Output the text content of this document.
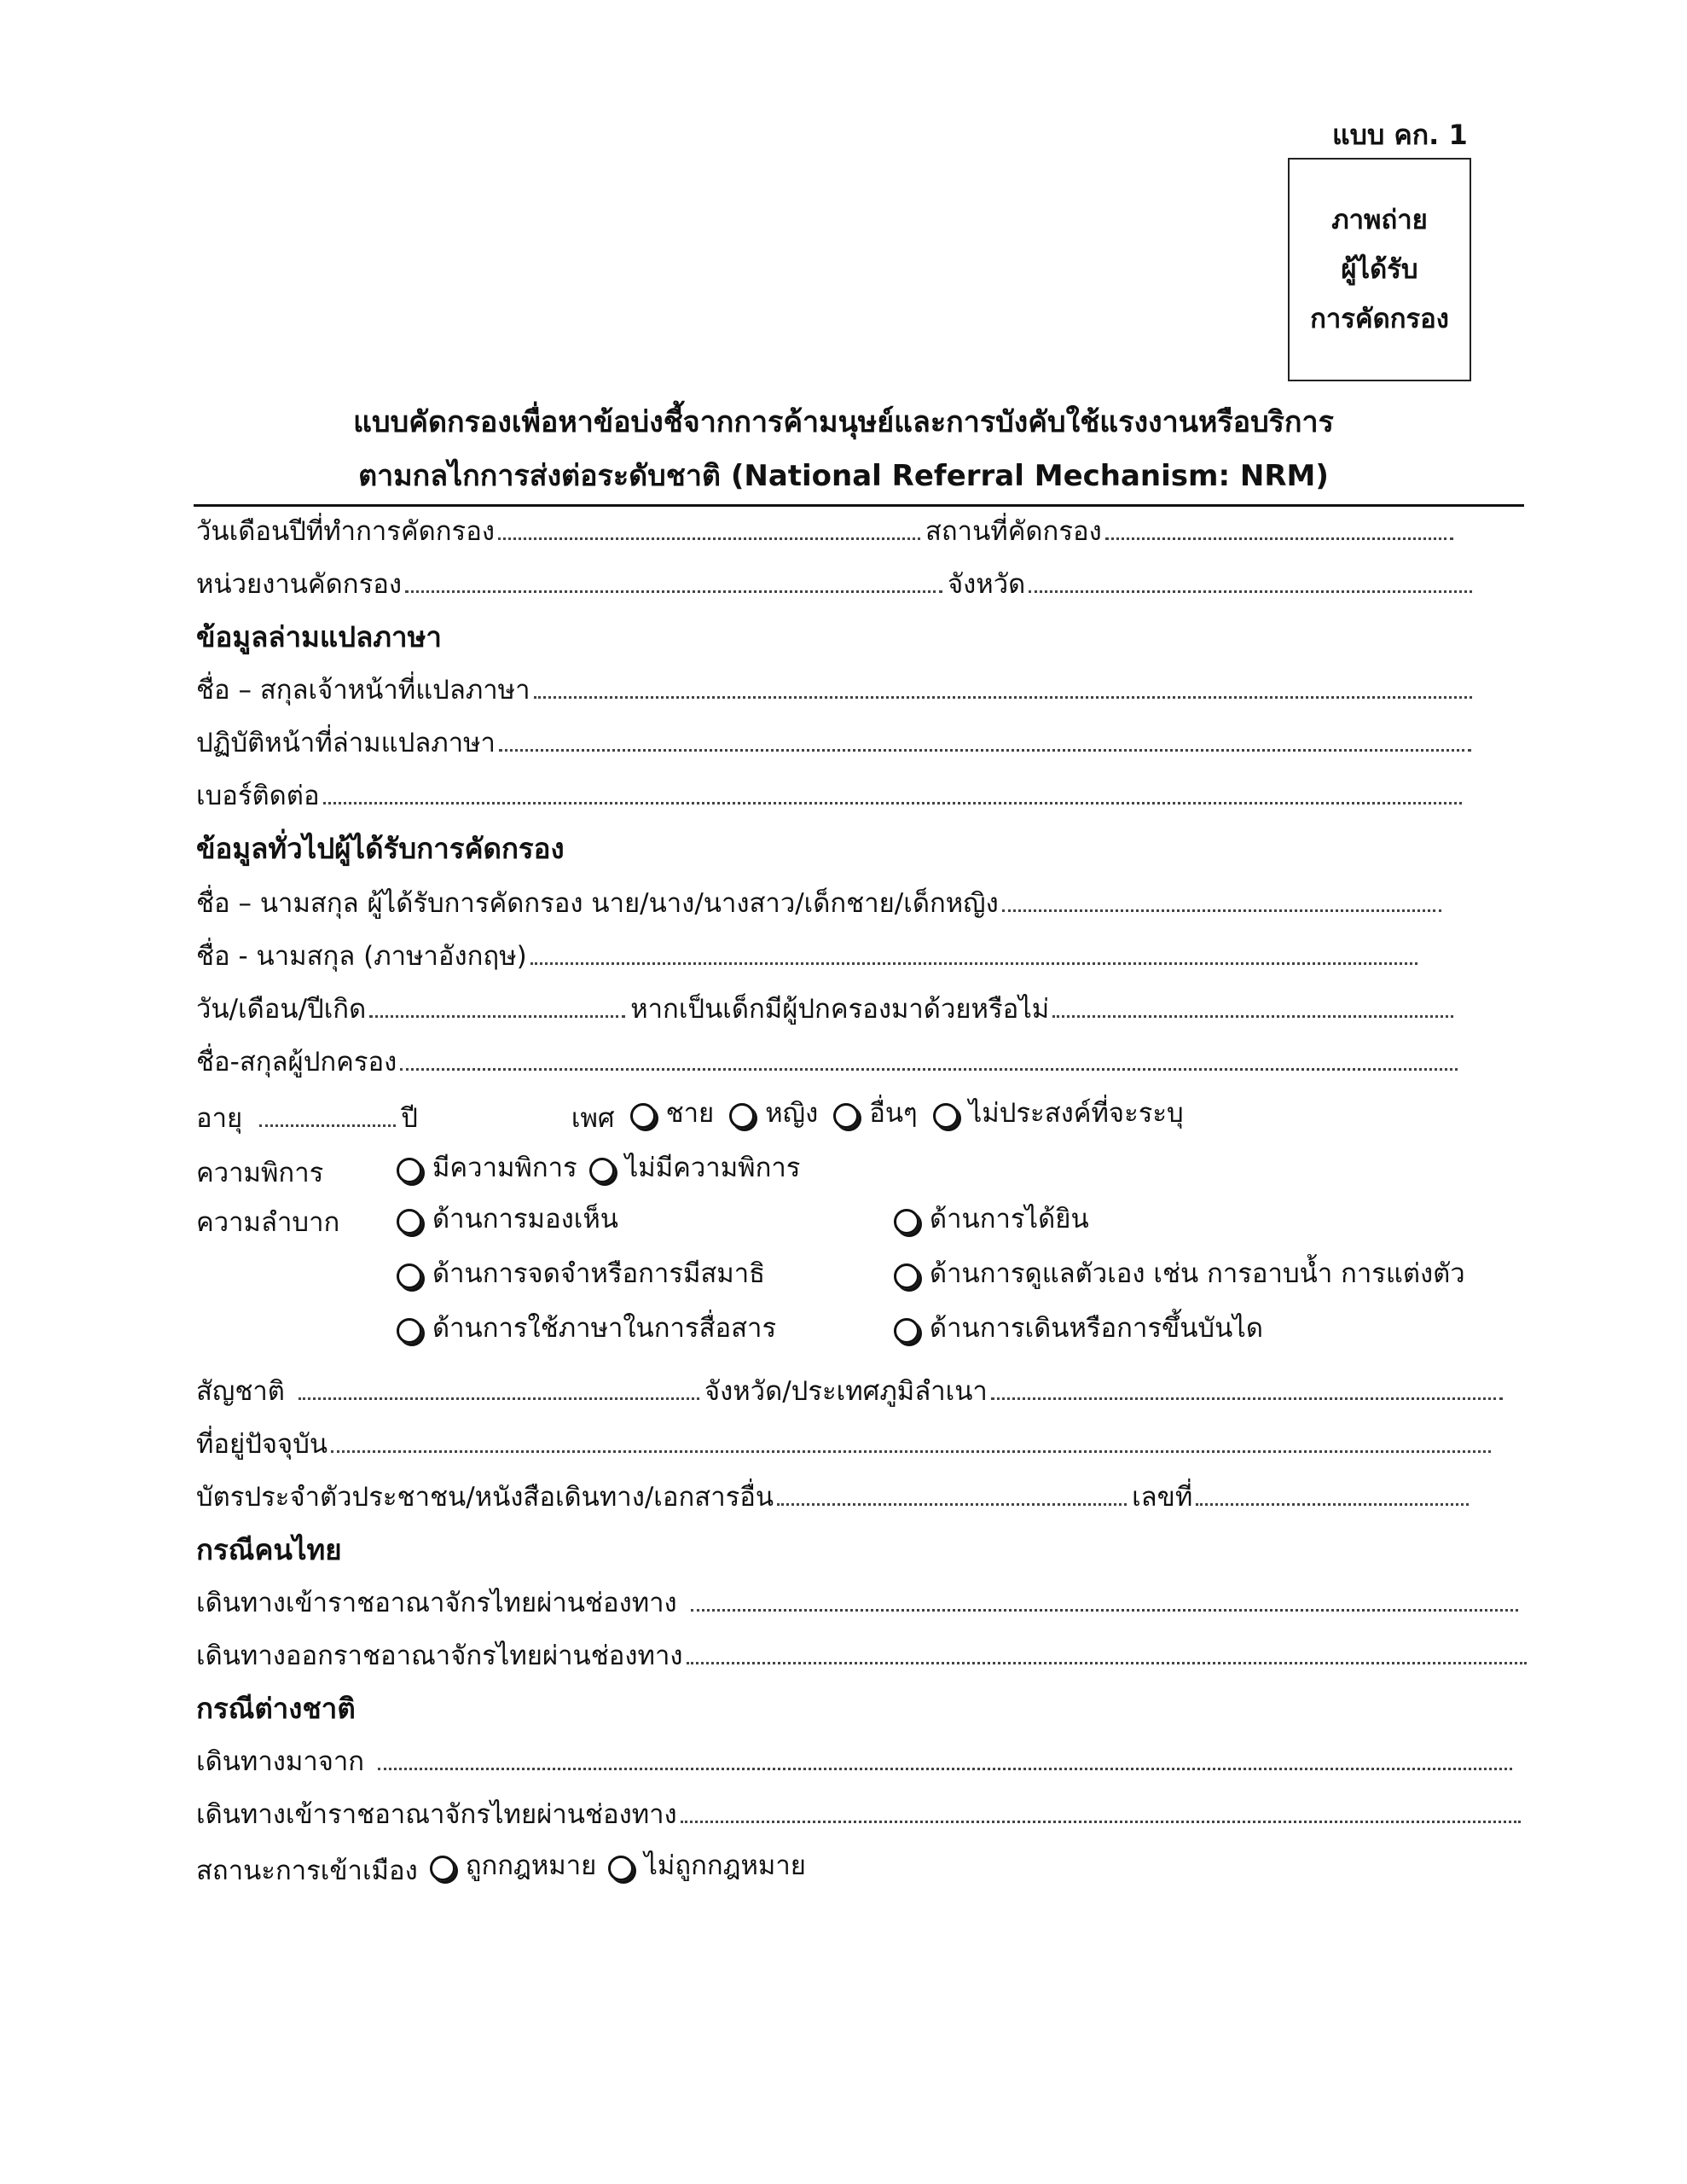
แบบ คก. 1
ภาพถ่าย
ผู้ได้รับ
การคัดกรอง
แบบคัดกรองเพื่อหาข้อบ่งชี้จากการค้ามนุษย์และการบังคับใช้แรงงานหรือบริการ
ตามกลไกการส่งต่อระดับชาติ (National Referral Mechanism: NRM)
วันเดือนปีที่ทำการคัดกรอง	สถานที่คัดกรอง
หน่วยงานคัดกรอง	จังหวัด
ข้อมูลล่ามแปลภาษา
ชื่อ – สกุลเจ้าหน้าที่แปลภาษา
ปฏิบัติหน้าที่ล่ามแปลภาษา
เบอร์ติดต่อ
ข้อมูลทั่วไปผู้ได้รับการคัดกรอง
ชื่อ – นามสกุล ผู้ได้รับการคัดกรอง นาย/นาง/นางสาว/เด็กชาย/เด็กหญิง
ชื่อ - นามสกุล (ภาษาอังกฤษ)
วัน/เดือน/ปีเกิด	หากเป็นเด็กมีผู้ปกครองมาด้วยหรือไม่
ชื่อ-สกุลผู้ปกครอง
อายุ	ปี	เพศ ชาย หญิง อื่นๆ ไม่ประสงค์ที่จะระบุ
ความพิการ	มีความพิการ ไม่มีความพิการ
ความลำบาก	ด้านการมองเห็น	ด้านการได้ยิน
ด้านการจดจำหรือการมีสมาธิ	ด้านการดูแลตัวเอง เช่น การอาบน้ำ การแต่งตัว
ด้านการใช้ภาษาในการสื่อสาร	ด้านการเดินหรือการขึ้นบันได
สัญชาติ	จังหวัด/ประเทศภูมิลำเนา
ที่อยู่ปัจจุบัน
บัตรประจำตัวประชาชน/หนังสือเดินทาง/เอกสารอื่น	เลขที่
กรณีคนไทย
เดินทางเข้าราชอาณาจักรไทยผ่านช่องทาง
เดินทางออกราชอาณาจักรไทยผ่านช่องทาง
กรณีต่างชาติ
เดินทางมาจาก
เดินทางเข้าราชอาณาจักรไทยผ่านช่องทาง
สถานะการเข้าเมือง ถูกกฎหมาย ไม่ถูกกฎหมาย
